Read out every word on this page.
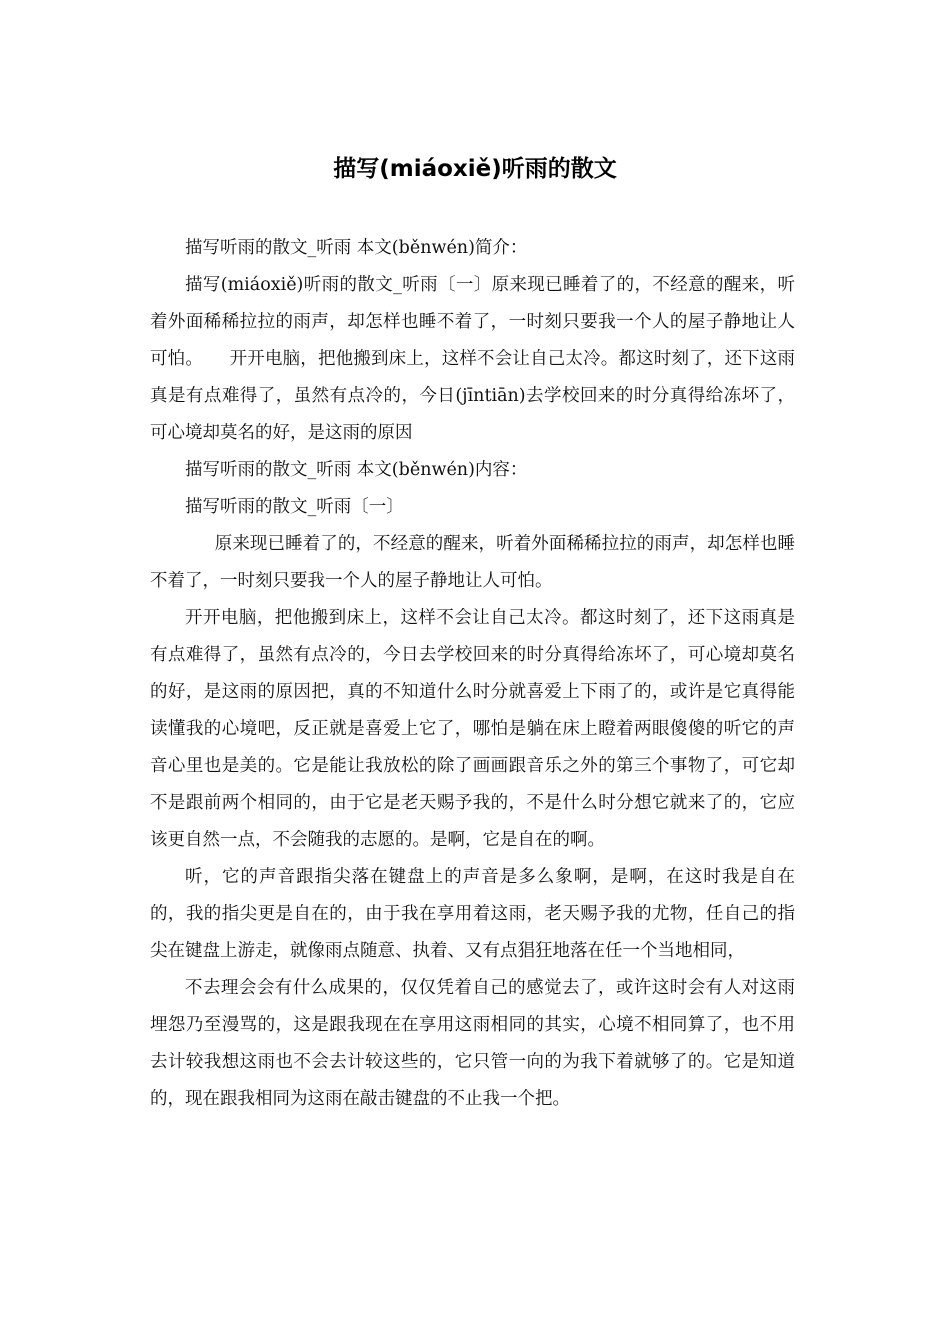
描写(miáoxiě)听雨的散文

描写听雨的散文_听雨 本文(běnwén)简介：

描写(miáoxiě)听雨的散文_听雨〔一〕原来现已睡着了的，不经意的醒来，听着外面稀稀拉拉的雨声，却怎样也睡不着了，一时刻只要我一个人的屋子静地让人可怕。　　开开电脑，把他搬到床上，这样不会让自己太冷。都这时刻了，还下这雨真是有点难得了，虽然有点冷的，今日(jīntiān)去学校回来的时分真得给冻坏了，可心境却莫名的好，是这雨的原因

描写听雨的散文_听雨 本文(běnwén)内容：

描写听雨的散文_听雨〔一〕

原来现已睡着了的，不经意的醒来，听着外面稀稀拉拉的雨声，却怎样也睡不着了，一时刻只要我一个人的屋子静地让人可怕。

开开电脑，把他搬到床上，这样不会让自己太冷。都这时刻了，还下这雨真是有点难得了，虽然有点冷的，今日去学校回来的时分真得给冻坏了，可心境却莫名的好，是这雨的原因把，真的不知道什么时分就喜爱上下雨了的，或许是它真得能读懂我的心境吧，反正就是喜爱上它了，哪怕是躺在床上瞪着两眼傻傻的听它的声音心里也是美的。它是能让我放松的除了画画跟音乐之外的第三个事物了，可它却不是跟前两个相同的，由于它是老天赐予我的，不是什么时分想它就来了的，它应该更自然一点，不会随我的志愿的。是啊，它是自在的啊。

听，它的声音跟指尖落在键盘上的声音是多么象啊，是啊，在这时我是自在的，我的指尖更是自在的，由于我在享用着这雨，老天赐予我的尤物，任自己的指尖在键盘上游走，就像雨点随意、执着、又有点猖狂地落在任一个当地相同，

不去理会会有什么成果的，仅仅凭着自己的感觉去了，或许这时会有人对这雨埋怨乃至漫骂的，这是跟我现在在享用这雨相同的其实，心境不相同算了，也不用去计较我想这雨也不会去计较这些的，它只管一向的为我下着就够了的。它是知道的，现在跟我相同为这雨在敲击键盘的不止我一个把。
